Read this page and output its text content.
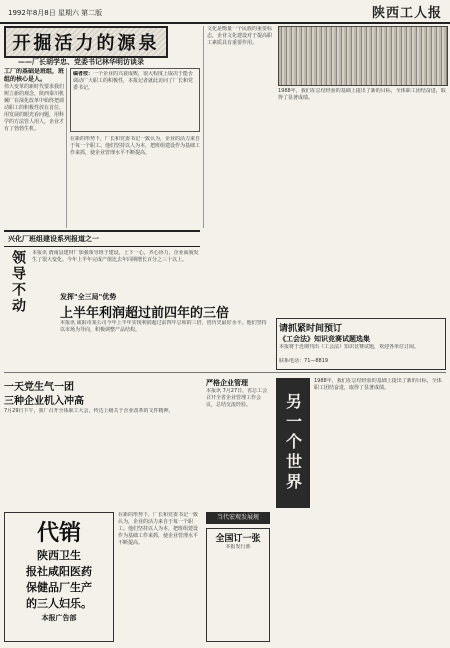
1992年8月8日 星期六 第二版	陕西工人报
开掘活力的源泉
——厂长胡学忠、党委书记林华明访谈录
工厂的基础是班组，班组的核心是人。
伟大变革的新时代要求我们树立新的观念，陕西秦川机械厂在深化改革中始终把调动职工的积极性放在首位，用发展的眼光看问题，用科学的方法管人用人，企业才有了勃勃生机。
编者按：一个企业的兴衰成败，很大程度上取决于能否调动广大职工的积极性，本报记者就此访问了厂长和党委书记。
在新的形势下，厂长和党委书记一致认为，企业的活力来自于每一个职工。他们坚持以人为本，把班组建设作为基础工作来抓，使企业管理水平不断提高。
文化是衡量一个民族的重要标志，企业文化建设对于提高职工素质具有重要作用。
1988年，我们在总结经验的基础上提出了新的目标，全体职工团结奋进，取得了显著成绩。
兴化厂班组建设系列报道之一
领导不动	本报讯 渭南县建材厂加强领导班子建设，上下一心，齐心协力，企业面貌发生了很大变化。今年上半年完成产值比去年同期增长百分之三十以上。
发挥"全三局"优势
上半年利润超过前四年的三倍
本报讯 咸阳市某公司今年上半年实现利润超过前四年总和的三倍，创历史最好水平。他们坚持以市场为导向，积极调整产品结构。	请抓紧时间预订
《工会法》知识竞赛试题选集
本报将于近期刊出《工会法》知识竞赛试题，欢迎各单位订阅。
联系电话：71—8819
一天党生气一团
三种企业机入冲高
7月29日下午，我厂召开全体职工大会，传达上级关于企业改革的文件精神。
严格企业管理
本报讯 7月27日，省总工会召开全省企业管理工作会议，总结交流经验。
代销
陕西卫生
报社咸阳医药
保健品厂生产
的三人妇乐。
本报广告部
当代宏观发展规
全国订一张
本报发行部
另一个世界
1988年，我们在总结经验的基础上提出了新的目标，全体职工团结奋进，取得了显著成绩。
在新的形势下，厂长和党委书记一致认为，企业的活力来自于每一个职工。他们坚持以人为本，把班组建设作为基础工作来抓，使企业管理水平不断提高。
